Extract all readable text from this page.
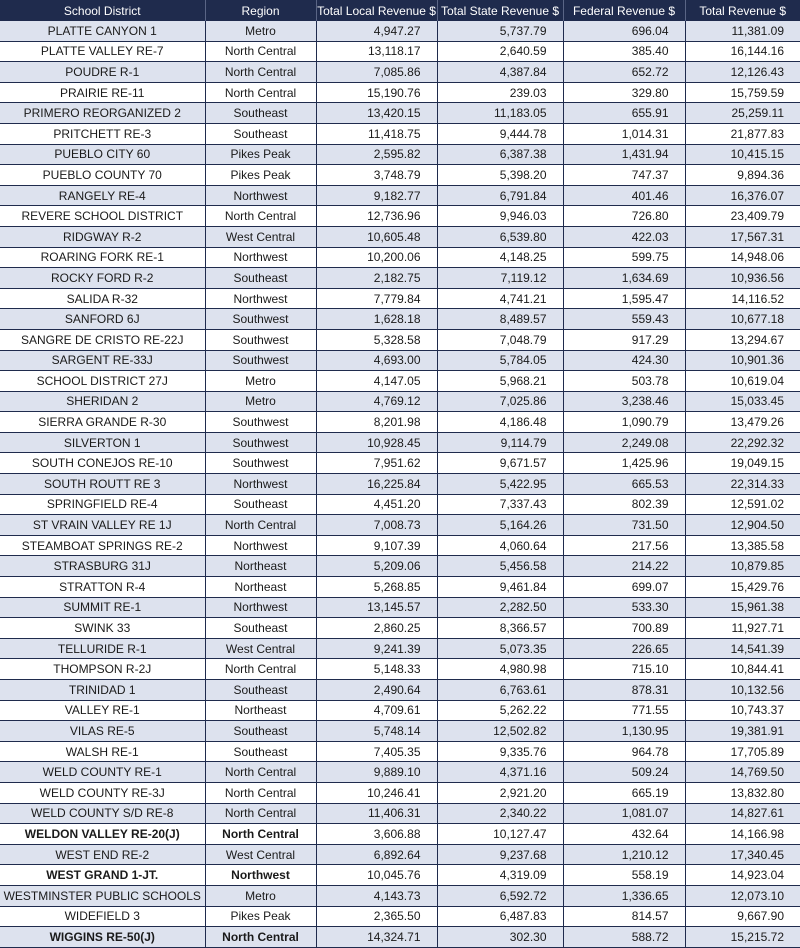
School District	Region	Total Local Revenue $	Total State Revenue $	Federal Revenue $	Total Revenue $
PLATTE CANYON 1	Metro	4,947.27	5,737.79	696.04	11,381.09
PLATTE VALLEY RE-7	North Central	13,118.17	2,640.59	385.40	16,144.16
POUDRE R-1	North Central	7,085.86	4,387.84	652.72	12,126.43
PRAIRIE RE-11	North Central	15,190.76	239.03	329.80	15,759.59
PRIMERO REORGANIZED 2	Southeast	13,420.15	11,183.05	655.91	25,259.11
PRITCHETT RE-3	Southeast	11,418.75	9,444.78	1,014.31	21,877.83
PUEBLO CITY 60	Pikes Peak	2,595.82	6,387.38	1,431.94	10,415.15
PUEBLO COUNTY 70	Pikes Peak	3,748.79	5,398.20	747.37	9,894.36
RANGELY RE-4	Northwest	9,182.77	6,791.84	401.46	16,376.07
REVERE SCHOOL DISTRICT	North Central	12,736.96	9,946.03	726.80	23,409.79
RIDGWAY R-2	West Central	10,605.48	6,539.80	422.03	17,567.31
ROARING FORK RE-1	Northwest	10,200.06	4,148.25	599.75	14,948.06
ROCKY FORD R-2	Southeast	2,182.75	7,119.12	1,634.69	10,936.56
SALIDA R-32	Northwest	7,779.84	4,741.21	1,595.47	14,116.52
SANFORD 6J	Southwest	1,628.18	8,489.57	559.43	10,677.18
SANGRE DE CRISTO RE-22J	Southwest	5,328.58	7,048.79	917.29	13,294.67
SARGENT RE-33J	Southwest	4,693.00	5,784.05	424.30	10,901.36
SCHOOL DISTRICT 27J	Metro	4,147.05	5,968.21	503.78	10,619.04
SHERIDAN 2	Metro	4,769.12	7,025.86	3,238.46	15,033.45
SIERRA GRANDE R-30	Southwest	8,201.98	4,186.48	1,090.79	13,479.26
SILVERTON 1	Southwest	10,928.45	9,114.79	2,249.08	22,292.32
SOUTH CONEJOS RE-10	Southwest	7,951.62	9,671.57	1,425.96	19,049.15
SOUTH ROUTT RE 3	Northwest	16,225.84	5,422.95	665.53	22,314.33
SPRINGFIELD RE-4	Southeast	4,451.20	7,337.43	802.39	12,591.02
ST VRAIN VALLEY RE 1J	North Central	7,008.73	5,164.26	731.50	12,904.50
STEAMBOAT SPRINGS RE-2	Northwest	9,107.39	4,060.64	217.56	13,385.58
STRASBURG 31J	Northeast	5,209.06	5,456.58	214.22	10,879.85
STRATTON R-4	Northeast	5,268.85	9,461.84	699.07	15,429.76
SUMMIT RE-1	Northwest	13,145.57	2,282.50	533.30	15,961.38
SWINK 33	Southeast	2,860.25	8,366.57	700.89	11,927.71
TELLURIDE R-1	West Central	9,241.39	5,073.35	226.65	14,541.39
THOMPSON R-2J	North Central	5,148.33	4,980.98	715.10	10,844.41
TRINIDAD 1	Southeast	2,490.64	6,763.61	878.31	10,132.56
VALLEY RE-1	Northeast	4,709.61	5,262.22	771.55	10,743.37
VILAS RE-5	Southeast	5,748.14	12,502.82	1,130.95	19,381.91
WALSH RE-1	Southeast	7,405.35	9,335.76	964.78	17,705.89
WELD COUNTY RE-1	North Central	9,889.10	4,371.16	509.24	14,769.50
WELD COUNTY RE-3J	North Central	10,246.41	2,921.20	665.19	13,832.80
WELD COUNTY S/D RE-8	North Central	11,406.31	2,340.22	1,081.07	14,827.61
WELDON VALLEY RE-20(J)	North Central	3,606.88	10,127.47	432.64	14,166.98
WEST END RE-2	West Central	6,892.64	9,237.68	1,210.12	17,340.45
WEST GRAND 1-JT.	Northwest	10,045.76	4,319.09	558.19	14,923.04
WESTMINSTER PUBLIC SCHOOLS	Metro	4,143.73	6,592.72	1,336.65	12,073.10
WIDEFIELD 3	Pikes Peak	2,365.50	6,487.83	814.57	9,667.90
WIGGINS RE-50(J)	North Central	14,324.71	302.30	588.72	15,215.72
